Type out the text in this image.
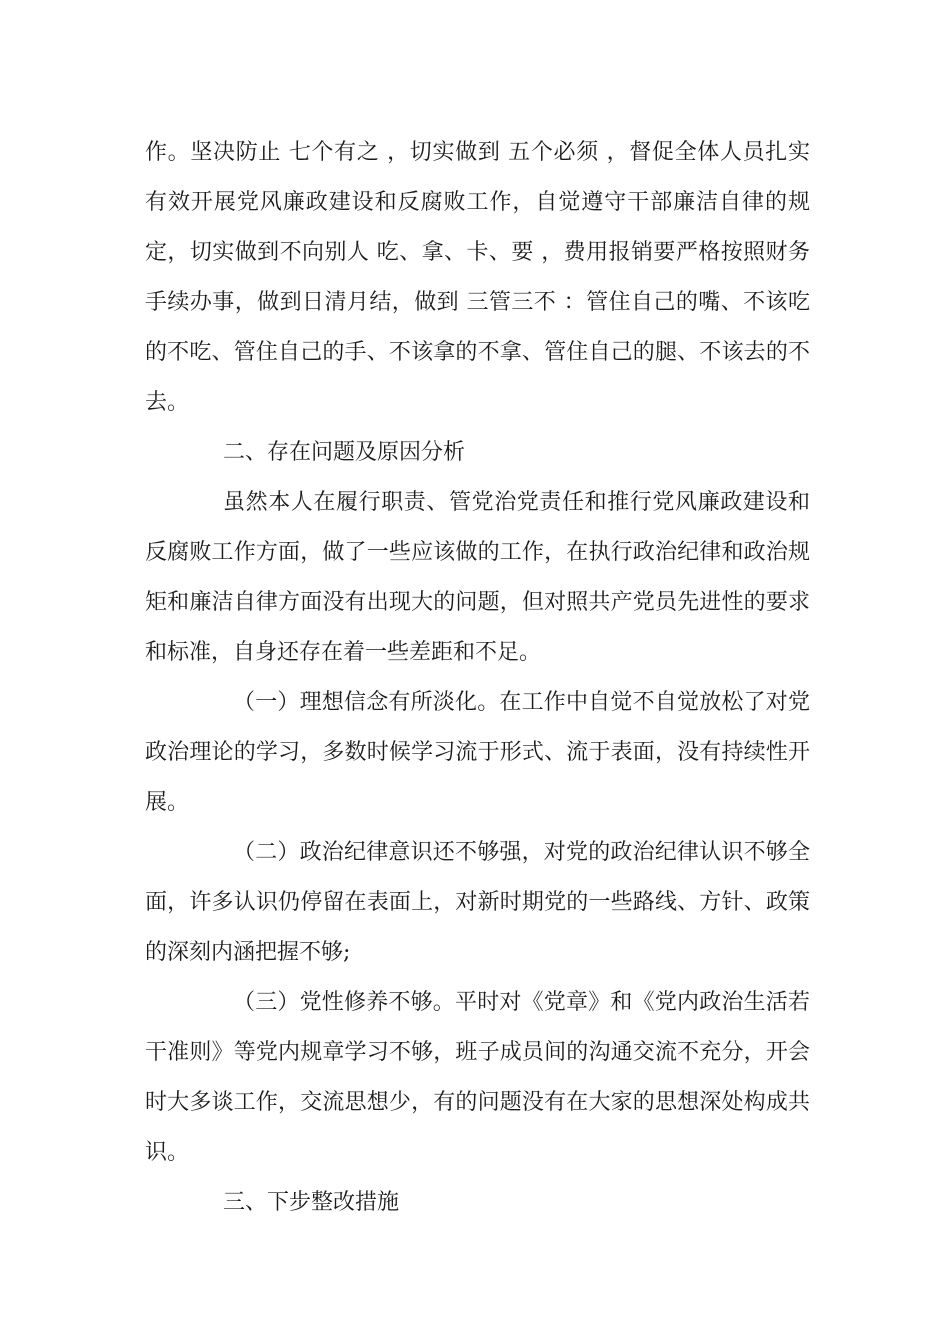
作。坚决防止 七个有之 ，切实做到 五个必须 ，督促全体人员扎实有效开展党风廉政建设和反腐败工作，自觉遵守干部廉洁自律的规定，切实做到不向别人 吃、拿、卡、要 ，费用报销要严格按照财务手续办事，做到日清月结，做到 三管三不 ：管住自己的嘴、不该吃的不吃、管住自己的手、不该拿的不拿、管住自己的腿、不该去的不去。

二、存在问题及原因分析

虽然本人在履行职责、管党治党责任和推行党风廉政建设和反腐败工作方面，做了一些应该做的工作，在执行政治纪律和政治规矩和廉洁自律方面没有出现大的问题，但对照共产党员先进性的要求和标准，自身还存在着一些差距和不足。

（一）理想信念有所淡化。在工作中自觉不自觉放松了对党政治理论的学习，多数时候学习流于形式、流于表面，没有持续性开展。

（二）政治纪律意识还不够强，对党的政治纪律认识不够全面，许多认识仍停留在表面上，对新时期党的一些路线、方针、政策的深刻内涵把握不够;

（三）党性修养不够。平时对《党章》和《党内政治生活若干准则》等党内规章学习不够，班子成员间的沟通交流不充分，开会时大多谈工作，交流思想少，有的问题没有在大家的思想深处构成共识。

三、下步整改措施
